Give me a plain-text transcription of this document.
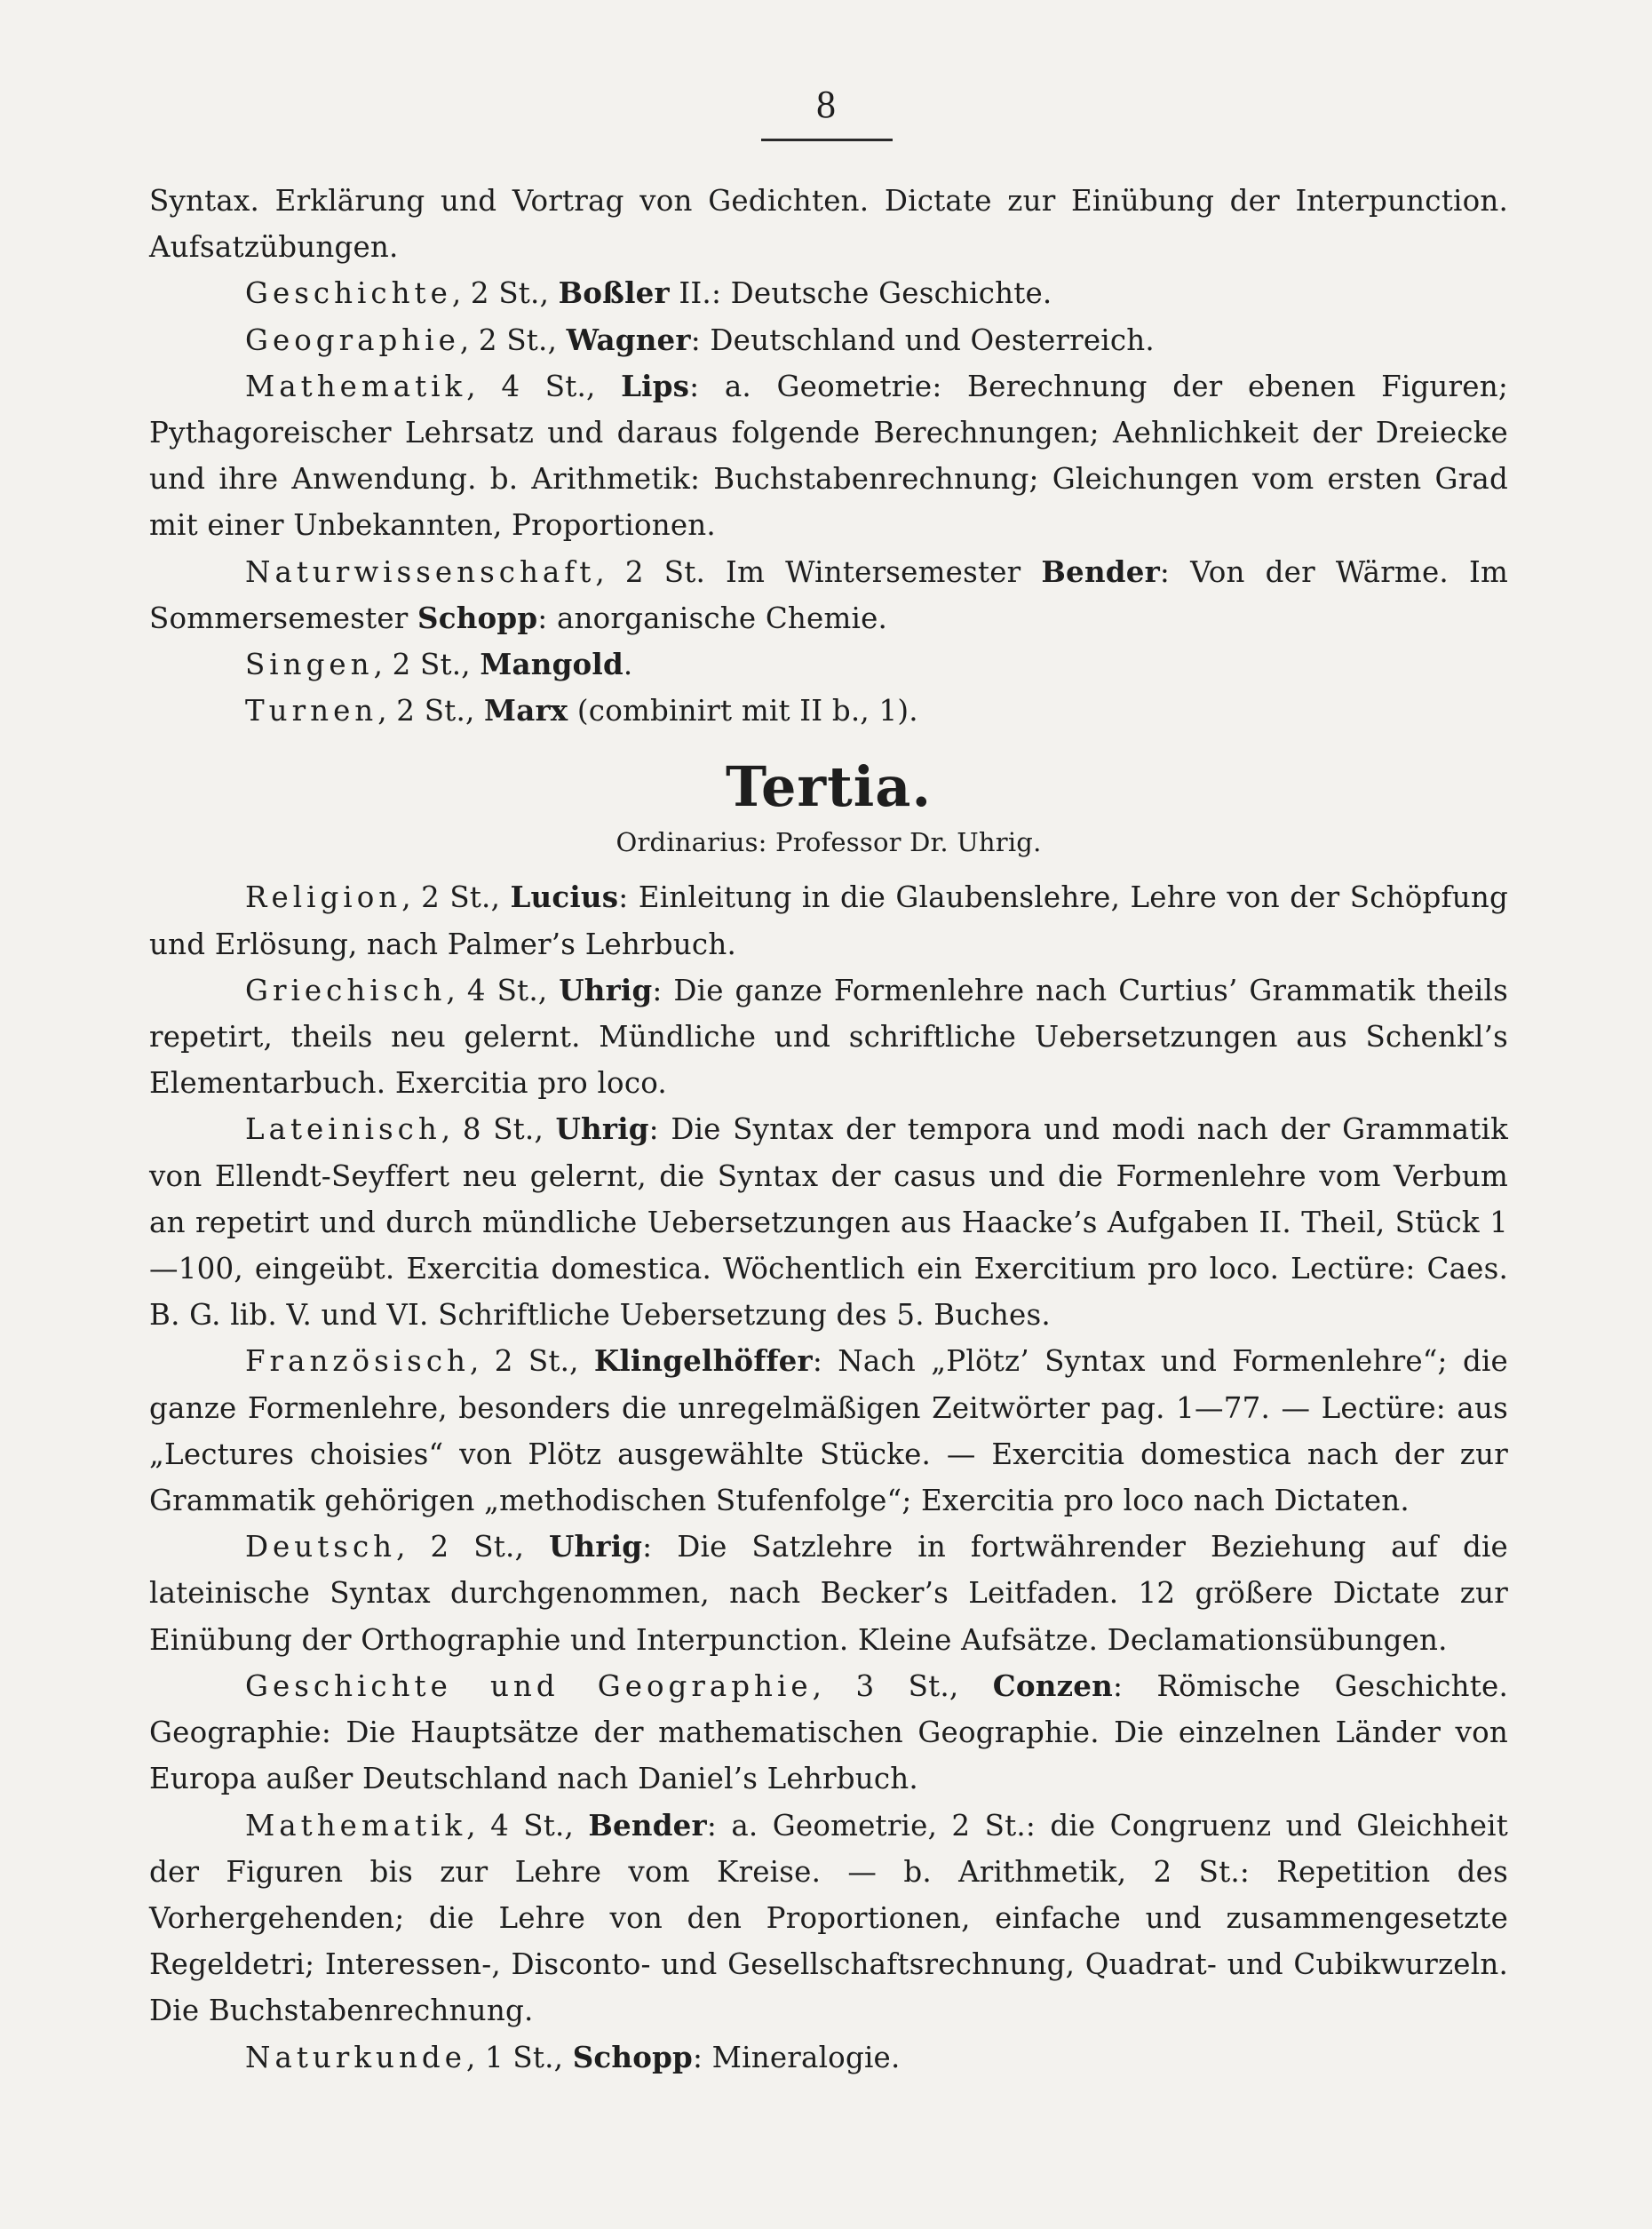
8

Syntax. Erklärung und Vortrag von Gedichten. Dictate zur Einübung der Interpunction. Aufsatzübungen.

Geschichte, 2 St., Boßler II.: Deutsche Geschichte.

Geographie, 2 St., Wagner: Deutschland und Oesterreich.

Mathematik, 4 St., Lips: a. Geometrie: Berechnung der ebenen Figuren; Pythagoreischer Lehrsatz und daraus folgende Berechnungen; Aehnlichkeit der Dreiecke und ihre Anwendung. b. Arithmetik: Buchstabenrechnung; Gleichungen vom ersten Grad mit einer Unbekannten, Proportionen.

Naturwissenschaft, 2 St. Im Wintersemester Bender: Von der Wärme. Im Sommersemester Schopp: anorganische Chemie.

Singen, 2 St., Mangold.

Turnen, 2 St., Marx (combinirt mit II b., 1).

Tertia.
Ordinarius: Professor Dr. Uhrig.

Religion, 2 St., Lucius: Einleitung in die Glaubenslehre, Lehre von der Schöpfung und Erlösung, nach Palmer’s Lehrbuch.

Griechisch, 4 St., Uhrig: Die ganze Formenlehre nach Curtius’ Grammatik theils repetirt, theils neu gelernt. Mündliche und schriftliche Uebersetzungen aus Schenkl’s Elementarbuch. Exercitia pro loco.

Lateinisch, 8 St., Uhrig: Die Syntax der tempora und modi nach der Grammatik von Ellendt-Seyffert neu gelernt, die Syntax der casus und die Formenlehre vom Verbum an repetirt und durch mündliche Uebersetzungen aus Haacke’s Aufgaben II. Theil, Stück 1—100, eingeübt. Exercitia domestica. Wöchentlich ein Exercitium pro loco. Lectüre: Caes. B. G. lib. V. und VI. Schriftliche Uebersetzung des 5. Buches.

Französisch, 2 St., Klingelhöffer: Nach „Plötz’ Syntax und Formenlehre“; die ganze Formenlehre, besonders die unregelmäßigen Zeitwörter pag. 1—77. — Lectüre: aus „Lectures choisies“ von Plötz ausgewählte Stücke. — Exercitia domestica nach der zur Grammatik gehörigen „methodischen Stufenfolge“; Exercitia pro loco nach Dictaten.

Deutsch, 2 St., Uhrig: Die Satzlehre in fortwährender Beziehung auf die lateinische Syntax durchgenommen, nach Becker’s Leitfaden. 12 größere Dictate zur Einübung der Orthographie und Interpunction. Kleine Aufsätze. Declamationsübungen.

Geschichte und Geographie, 3 St., Conzen: Römische Geschichte. Geographie: Die Hauptsätze der mathematischen Geographie. Die einzelnen Länder von Europa außer Deutschland nach Daniel’s Lehrbuch.

Mathematik, 4 St., Bender: a. Geometrie, 2 St.: die Congruenz und Gleichheit der Figuren bis zur Lehre vom Kreise. — b. Arithmetik, 2 St.: Repetition des Vorhergehenden; die Lehre von den Proportionen, einfache und zusammengesetzte Regeldetri; Interessen-, Disconto- und Gesellschaftsrechnung, Quadrat- und Cubikwurzeln. Die Buchstabenrechnung.

Naturkunde, 1 St., Schopp: Mineralogie.
